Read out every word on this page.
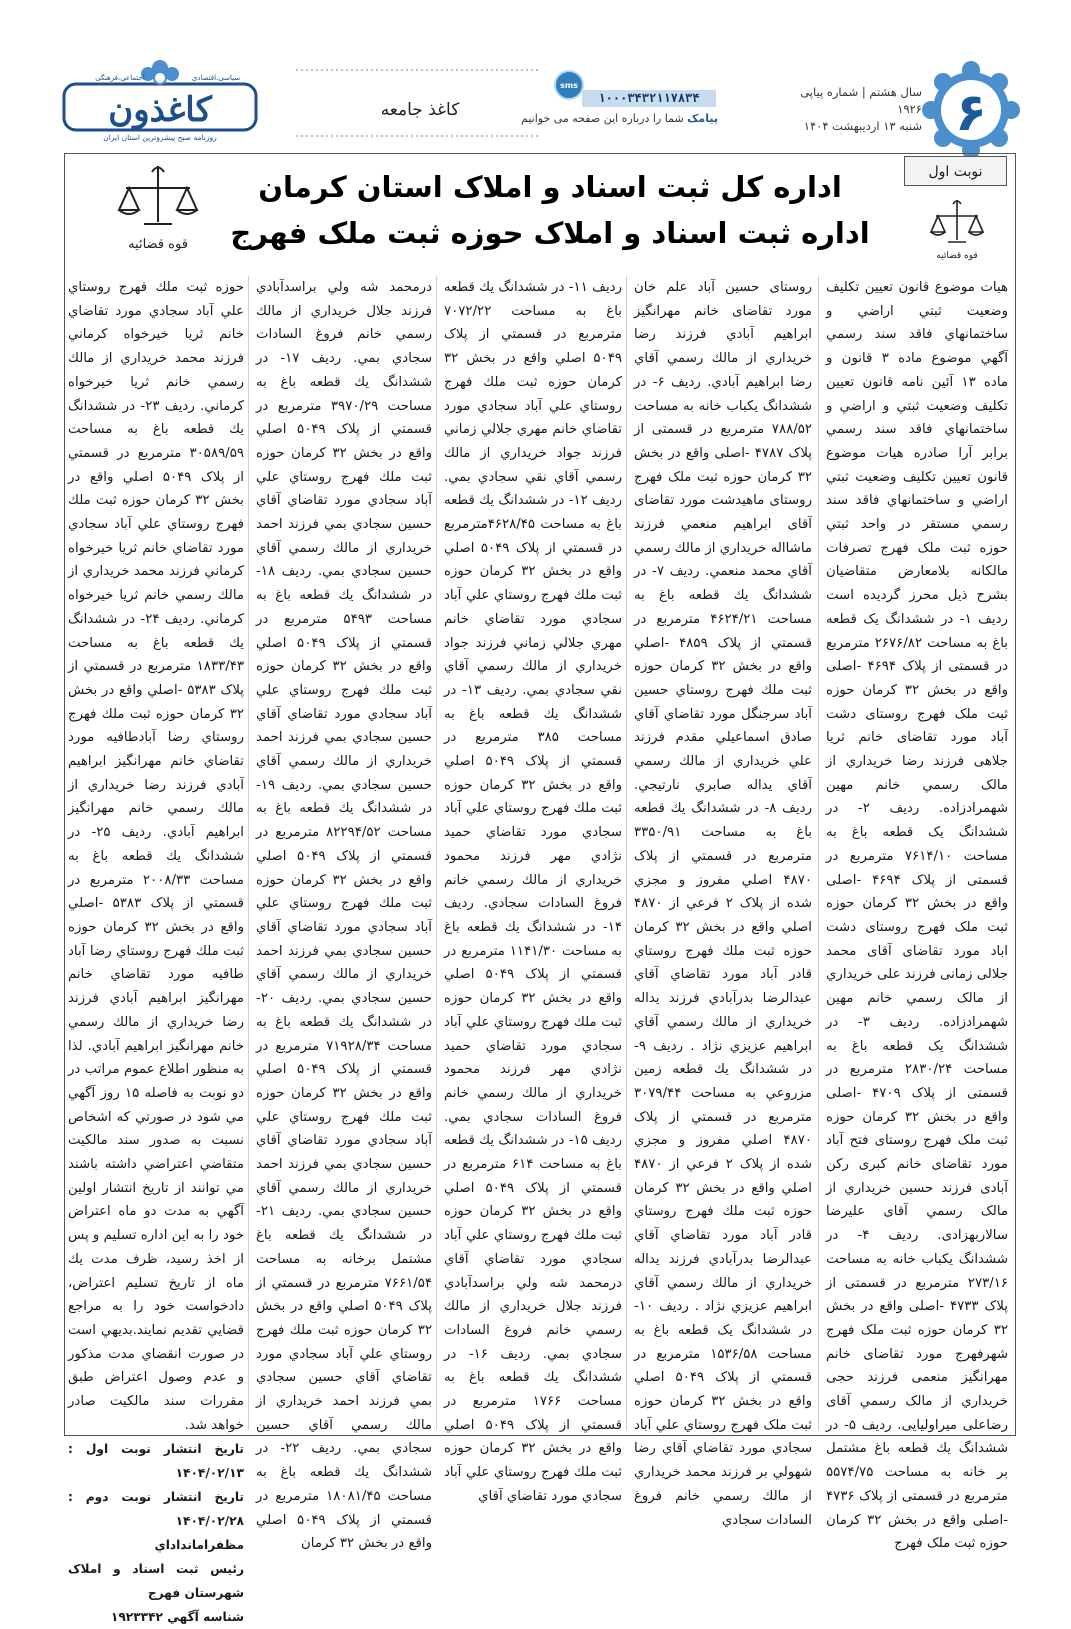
۶
سال هشتم | شماره پیاپی ۱۹۲۶
شنبه ۱۳ اردیبهشت ۱۴۰۴
sms
۱۰۰۰۳۴۳۲۱۱۷۸۳۴
پیامک شما را درباره این صفحه می خوانیم
کاغذ جامعه
کاغذون
اجتماعی،فرهنگی	سیاسی،اقتصادی
روزنامه صبح پیشروترین استان ایران
نوبت اول
قوه قضائیه
قوه قضائیه
اداره کل ثبت اسناد و املاک استان کرمان
اداره ثبت اسناد و املاک حوزه ثبت ملک فهرج

هیات موضوع قانون تعیین تکلیف وضعیت ثبتي اراضي و ساختمانهاي فاقد سند رسمي آگهي موضوع ماده ۳ قانون و ماده ۱۳ آئین نامه قانون تعیین تکلیف وضعیت ثبتي و اراضي و ساختمانهاي فاقد سند رسمي برابر آرا صادره هیات موضوع قانون تعیین تکلیف وضعیت ثبتي اراضي و ساختمانهاي فاقد سند رسمي مستقر در واحد ثبتي حوزه ثبت ملک فهرج تصرفات مالکانه بلامعارض متقاضیان بشرح ذیل محرز گردیده است ردیف ۱- در ششدانگ یک قطعه باغ به مساحت ۲۶۷۶/۸۲ مترمربع در قسمتی از پلاک ۴۶۹۴ -اصلی واقع در بخش ۳۲ کرمان حوزه ثبت ملک فهرج روستای دشت آباد مورد تقاضای خانم ثریا جلاهی فرزند رضا خریداري از مالک رسمي خانم مهین شهمرادزاده. ردیف ۲- در ششدانگ یک قطعه باغ به مساحت ۷۶۱۴/۱۰ مترمربع در قسمتی از پلاک ۴۶۹۴ -اصلی واقع در بخش ۳۲ کرمان حوزه ثبت ملک فهرج روستای دشت اباد مورد تقاضای آقای محمد جلالی زمانی فرزند علی خریداري از مالک رسمي خانم مهین شهمرادزاده. ردیف ۳- در ششدانگ یک قطعه باغ به مساحت ۲۸۳۰/۲۴ مترمربع در قسمتی از پلاک ۴۷۰۹ -اصلی واقع در بخش ۳۲ کرمان حوزه ثبت ملک فهرج روستای فتح آباد مورد تقاضای خانم کبری رکن آبادی فرزند حسین خریداري از مالک رسمي آقای علیرضا سالاربهزادی. ردیف ۴- در ششدانگ یکباب خانه به مساحت ۲۷۳/۱۶ مترمربع در قسمتی از پلاک ۴۷۳۳ -اصلی واقع در بخش ۳۲ کرمان حوزه ثبت ملک فهرج شهرفهرج مورد تقاضای خانم مهرانگیز منعمی فرزند حجی خریداري از مالک رسمي آقای رضاعلی میراولیایی. ردیف ۵- در ششدانگ یك قطعه باغ مشتمل بر خانه به مساحت ۵۵۷۴/۷۵ مترمربع در قسمتی از پلاک ۴۷۳۶ -اصلی واقع در بخش ۳۲ کرمان حوزه ثبت ملک فهرج

روستای حسین آباد علم خان مورد تقاضای خانم مهرانگیز ابراهیم آبادي فرزند رضا خریداري از مالك رسمي آقاي رضا ابراهیم آبادي. ردیف ۶- در ششدانگ یکباب خانه به مساحت ۷۸۸/۵۲ مترمربع در قسمتی از پلاک ۴۷۸۷ -اصلی واقع در بخش ۳۲ کرمان حوزه ثبت ملک فهرج روستای ماهیدشت مورد تقاضای آقای ابراهیم منعمي فرزند ماشااله خریداري از مالك رسمي آقاي محمد منعمي. ردیف ۷- در ششدانگ یك قطعه باغ به مساحت ۴۶۲۴/۲۱ مترمربع در قسمتي از پلاک ۴۸۵۹ -اصلي واقع در بخش ۳۲ کرمان حوزه ثبت ملك فهرج روستاي حسین آباد سرجنگل مورد تقاضاي آقاي صادق اسماعیلي مقدم فرزند علي خریداري از مالك رسمي آقاي یداله صابري نارتیجي. ردیف ۸- در ششدانگ یك قطعه باغ به مساحت ۳۳۵۰/۹۱ مترمربع در قسمتي از پلاک ۴۸۷۰ اصلي مفروز و مجزي شده از پلاک ۲ فرعي از ۴۸۷۰ اصلي واقع در بخش ۳۲ کرمان حوزه ثبت ملك فهرج روستاي قادر آباد مورد تقاضاي آقاي عبدالرضا بدرآبادي فرزند یداله خریداري از مالك رسمي آقاي ابراهیم عزیزي نژاد . ردیف ۹- در ششدانگ یك قطعه زمین مزروعي به مساحت ۳۰۷۹/۴۴ مترمربع در قسمتي از پلاک ۴۸۷۰ اصلي مفروز و مجزي شده از پلاک ۲ فرعي از ۴۸۷۰ اصلي واقع در بخش ۳۲ کرمان حوزه ثبت ملك فهرج روستاي قادر آباد مورد تقاضاي آقاي عبدالرضا بدرآبادي فرزند یداله خریداري از مالك رسمي آقاي ابراهیم عزیزي نژاد . ردیف ۱۰- در ششدانگ یک قطعه باغ به مساحت ۱۵۳۶/۵۸ مترمربع در قسمتي از پلاک ۵۰۴۹ اصلي واقع در بخش ۳۲ کرمان حوزه ثبت ملک فهرج روستاي علي آباد سجادي مورد تقاضاي آقاي رضا شهولي بر فرزند محمد خریداري از مالك رسمي خانم فروغ السادات سجادي

ردیف ۱۱- در ششدانگ یك قطعه باغ به مساحت ۷۰۷۲/۲۲ مترمربع در قسمتي از پلاک ۵۰۴۹ اصلي واقع در بخش ۳۲ کرمان حوزه ثبت ملك فهرج روستاي علي آباد سجادي مورد تقاضاي خانم مهري جلالي زماني فرزند جواد خریداري از مالك رسمي آقاي نقي سجادي بمي. ردیف ۱۲- در ششدانگ یك قطعه باغ به مساحت ۴۶۲۸/۴۵مترمربع در قسمتي از پلاک ۵۰۴۹ اصلي واقع در بخش ۳۲ کرمان حوزه ثبت ملك فهرج روستاي علي آباد سجادي مورد تقاضاي خانم مهري جلالي زماني فرزند جواد خریداري از مالك رسمي آقاي نقي سجادي بمي. ردیف ۱۳- در ششدانگ یك قطعه باغ به مساحت ۳۸۵ مترمربع در قسمتي از پلاک ۵۰۴۹ اصلي واقع در بخش ۳۲ کرمان حوزه ثبت ملك فهرج روستاي علي آباد سجادي مورد تقاضاي حمید نژادي مهر فرزند محمود خریداري از مالك رسمي خانم فروغ السادات سجادي. ردیف ۱۴- در ششدانگ یك قطعه باغ به مساحت ۱۱۴۱/۳۰ مترمربع در قسمتي از پلاک ۵۰۴۹ اصلي واقع در بخش ۳۲ کرمان حوزه ثبت ملك فهرج روستاي علي آباد سجادي مورد تقاضاي حمید نژادي مهر فرزند محمود خریداري از مالك رسمي خانم فروغ السادات سجادي بمي. ردیف ۱۵- در ششدانگ یك قطعه باغ به مساحت ۶۱۴ مترمربع در قسمتي از پلاک ۵۰۴۹ اصلي واقع در بخش ۳۲ کرمان حوزه ثبت ملك فهرج روستاي علي آباد سجادي مورد تقاضاي آقاي درمحمد شه ولي براسدآبادي فرزند جلال خریداري از مالك رسمي خانم فروغ السادات سجادي بمي. ردیف ۱۶- در ششدانگ یك قطعه باغ به مساحت ۱۷۶۶ مترمربع در قسمتي از پلاک ۵۰۴۹ اصلي واقع در بخش ۳۲ کرمان حوزه ثبت ملك فهرج روستاي علي آباد سجادي مورد تقاضاي آقاي

درمحمد شه ولي براسدآبادي فرزند جلال خریداري از مالك رسمي خانم فروغ السادات سجادي بمي. ردیف ۱۷- در ششدانگ یك قطعه باغ به مساحت ۳۹۷۰/۲۹ مترمربع در قسمتي از پلاک ۵۰۴۹ اصلي واقع در بخش ۳۲ کرمان حوزه ثبت ملك فهرج روستاي علي آباد سجادي مورد تقاضاي آقاي حسین سجادي بمي فرزند احمد خریداري از مالك رسمي آقاي حسین سجادي بمي. ردیف ۱۸- در ششدانگ یك قطعه باغ به مساحت ۵۴۹۳ مترمربع در قسمتي از پلاک ۵۰۴۹ اصلي واقع در بخش ۳۲ کرمان حوزه ثبت ملك فهرج روستاي علي آباد سجادي مورد تقاضاي آقاي حسین سجادي بمي فرزند احمد خریداري از مالك رسمي آقاي حسین سجادي بمي. ردیف ۱۹- در ششدانگ یك قطعه باغ به مساحت ۸۲۲۹۴/۵۲ مترمربع در قسمتي از پلاک ۵۰۴۹ اصلي واقع در بخش ۳۲ کرمان حوزه ثبت ملك فهرج روستاي علي آباد سجادي مورد تقاضاي آقاي حسین سجادي بمي فرزند احمد خریداري از مالك رسمي آقاي حسین سجادي بمي. ردیف ۲۰- در ششدانگ یك قطعه باغ به مساحت ۷۱۹۲۸/۳۴ مترمربع در قسمتي از پلاک ۵۰۴۹ اصلي واقع در بخش ۳۲ کرمان حوزه ثبت ملك فهرج روستاي علي آباد سجادي مورد تقاضاي آقاي حسین سجادي بمي فرزند احمد خریداري از مالك رسمي آقاي حسین سجادي بمي. ردیف ۲۱- در ششدانگ یك قطعه باغ مشتمل برخانه به مساحت ۷۶۶۱/۵۴ مترمربع در قسمتي از پلاک ۵۰۴۹ اصلي واقع در بخش ۳۲ کرمان حوزه ثبت ملك فهرج روستاي علي آباد سجادي مورد تقاضاي آقاي حسین سجادي بمي فرزند احمد خریداري از مالك رسمي آقاي حسین سجادي بمي. ردیف ۲۲- در ششدانگ یك قطعه باغ به مساحت ۱۸۰۸۱/۴۵ مترمربع در قسمتي از پلاک ۵۰۴۹ اصلي واقع در بخش ۳۲ کرمان

حوزه ثبت ملك فهرج روستاي علي آباد سجادي مورد تقاضاي خانم ثریا خیرخواه کرماني فرزند محمد خریداري از مالك رسمي خانم ثریا خیرخواه کرماني. ردیف ۲۳- در ششدانگ یك قطعه باغ به مساحت ۳۰۵۸۹/۵۹ مترمربع در قسمتي از پلاک ۵۰۴۹ اصلي واقع در بخش ۳۲ کرمان حوزه ثبت ملك فهرج روستاي علي آباد سجادي مورد تقاضاي خانم ثریا خیرخواه کرماني فرزند محمد خریداري از مالك رسمي خانم ثریا خیرخواه کرماني. ردیف ۲۴- در ششدانگ یك قطعه باغ به مساحت ۱۸۳۳/۴۳ مترمربع در قسمتي از پلاک ۵۳۸۳ -اصلي واقع در بخش ۳۲ کرمان حوزه ثبت ملك فهرج روستاي رضا آبادطافیه مورد تقاضاي خانم مهرانگیز ابراهیم آبادي فرزند رضا خریداري از مالك رسمي خانم مهرانگیز ابراهیم آبادي. ردیف ۲۵- در ششدانگ یك قطعه باغ به مساحت ۲۰۰۸/۳۳ مترمربع در قسمتي از پلاک ۵۳۸۳ -اصلي واقع در بخش ۳۲ کرمان حوزه ثبت ملك فهرج روستاي رضا آباد طافیه مورد تقاضاي خانم مهرانگیز ابراهیم آبادي فرزند رضا خریداري از مالك رسمي خانم مهرانگیز ابراهیم آبادي. لذا به منظور اطلاع عموم مراتب در دو نوبت به فاصله ۱۵ روز آگهي مي شود در صورتي که اشخاص نسبت به صدور سند مالکیت متقاضي اعتراضي داشته باشند مي توانند از تاریخ انتشار اولین آگهي به مدت دو ماه اعتراض خود را به این اداره تسلیم و پس از اخذ رسید، ظرف مدت یك ماه از تاریخ تسلیم اعتراض، دادخواست خود را به مراجع قضایي تقدیم نمایند.بدیهي است در صورت انقضاي مدت مذکور و عدم وصول اعتراض طبق مقررات سند مالکیت صادر خواهد شد.

تاریخ انتشار نوبت اول : ۱۴۰۴/۰۲/۱۳

تاریخ انتشار نوبت دوم : ۱۴۰۴/۰۲/۲۸

مظفرامانداداي

رئیس ثبت اسناد و املاک شهرستان فهرج

شناسه آگهي ۱۹۲۳۳۴۲
